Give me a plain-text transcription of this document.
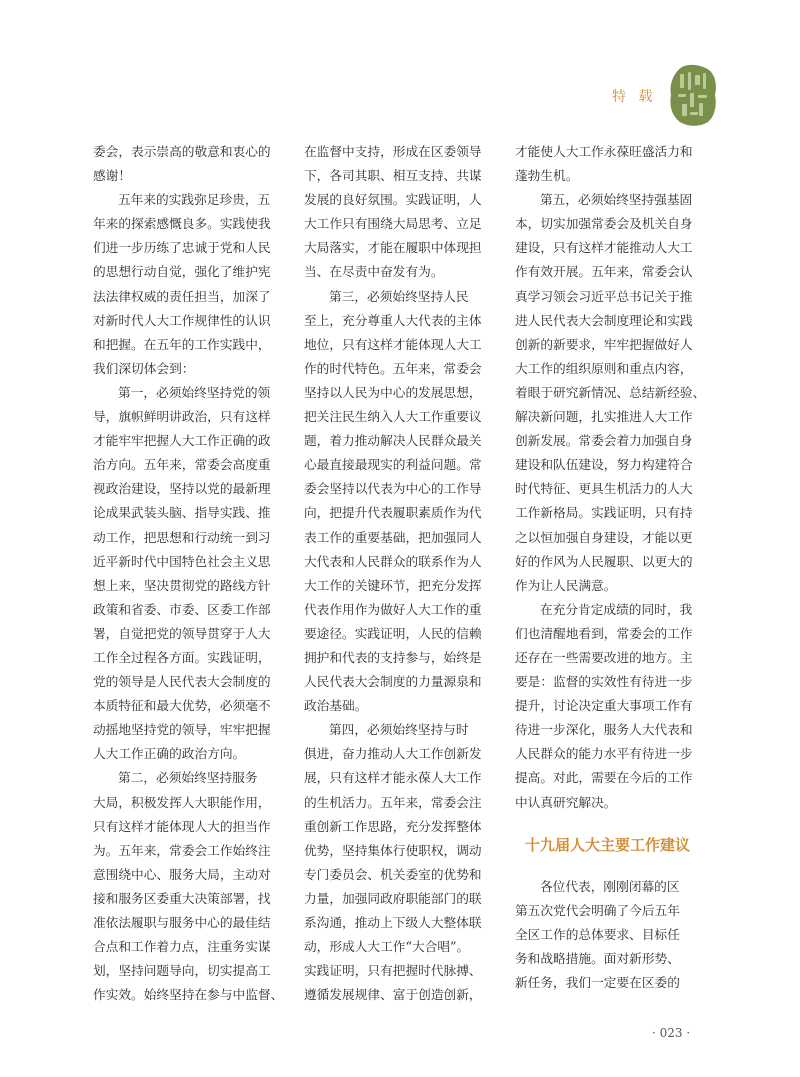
特 载
委会，表示崇高的敬意和衷心的
感谢！
五年来的实践弥足珍贵，五
年来的探索感慨良多。实践使我
们进一步历练了忠诚于党和人民
的思想行动自觉，强化了维护宪
法法律权威的责任担当，加深了
对新时代人大工作规律性的认识
和把握。在五年的工作实践中，
我们深切体会到：
第一，必须始终坚持党的领
导，旗帜鲜明讲政治，只有这样
才能牢牢把握人大工作正确的政
治方向。五年来，常委会高度重
视政治建设，坚持以党的最新理
论成果武装头脑、指导实践、推
动工作，把思想和行动统一到习
近平新时代中国特色社会主义思
想上来，坚决贯彻党的路线方针
政策和省委、市委、区委工作部
署，自觉把党的领导贯穿于人大
工作全过程各方面。实践证明，
党的领导是人民代表大会制度的
本质特征和最大优势，必须毫不
动摇地坚持党的领导，牢牢把握
人大工作正确的政治方向。
第二，必须始终坚持服务
大局，积极发挥人大职能作用，
只有这样才能体现人大的担当作
为。五年来，常委会工作始终注
意围绕中心、服务大局，主动对
接和服务区委重大决策部署，找
准依法履职与服务中心的最佳结
合点和工作着力点，注重务实谋
划，坚持问题导向，切实提高工
作实效。始终坚持在参与中监督、
在监督中支持，形成在区委领导
下，各司其职、相互支持、共谋
发展的良好氛围。实践证明，人
大工作只有围绕大局思考、立足
大局落实，才能在履职中体现担
当、在尽责中奋发有为。
第三，必须始终坚持人民
至上，充分尊重人大代表的主体
地位，只有这样才能体现人大工
作的时代特色。五年来，常委会
坚持以人民为中心的发展思想，
把关注民生纳入人大工作重要议
题，着力推动解决人民群众最关
心最直接最现实的利益问题。常
委会坚持以代表为中心的工作导
向，把提升代表履职素质作为代
表工作的重要基础，把加强同人
大代表和人民群众的联系作为人
大工作的关键环节，把充分发挥
代表作用作为做好人大工作的重
要途径。实践证明，人民的信赖
拥护和代表的支持参与，始终是
人民代表大会制度的力量源泉和
政治基础。
第四，必须始终坚持与时
俱进，奋力推动人大工作创新发
展，只有这样才能永葆人大工作
的生机活力。五年来，常委会注
重创新工作思路，充分发挥整体
优势，坚持集体行使职权，调动
专门委员会、机关委室的优势和
力量，加强同政府职能部门的联
系沟通，推动上下级人大整体联
动，形成人大工作“大合唱”。
实践证明，只有把握时代脉搏、
遵循发展规律、富于创造创新，
才能使人大工作永葆旺盛活力和
蓬勃生机。
第五，必须始终坚持强基固
本，切实加强常委会及机关自身
建设，只有这样才能推动人大工
作有效开展。五年来，常委会认
真学习领会习近平总书记关于推
进人民代表大会制度理论和实践
创新的新要求，牢牢把握做好人
大工作的组织原则和重点内容，
着眼于研究新情况、总结新经验、
解决新问题，扎实推进人大工作
创新发展。常委会着力加强自身
建设和队伍建设，努力构建符合
时代特征、更具生机活力的人大
工作新格局。实践证明，只有持
之以恒加强自身建设，才能以更
好的作风为人民履职、以更大的
作为让人民满意。
在充分肯定成绩的同时，我
们也清醒地看到，常委会的工作
还存在一些需要改进的地方。主
要是：监督的实效性有待进一步
提升，讨论决定重大事项工作有
待进一步深化，服务人大代表和
人民群众的能力水平有待进一步
提高。对此，需要在今后的工作
中认真研究解决。
十九届人大主要工作建议
各位代表，刚刚闭幕的区
第五次党代会明确了今后五年
全区工作的总体要求、目标任
务和战略措施。面对新形势、
新任务，我们一定要在区委的
· 023 ·
